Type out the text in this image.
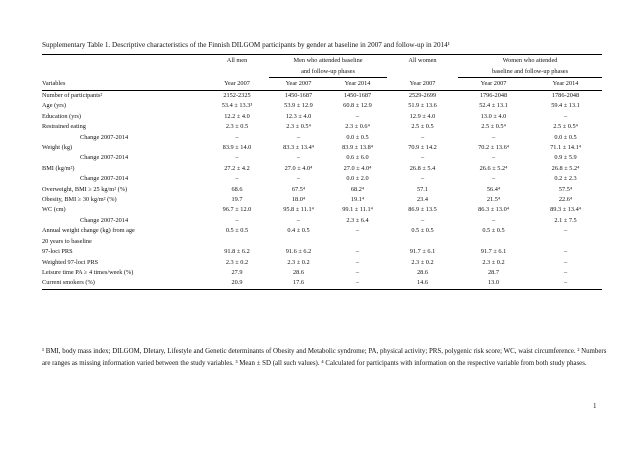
Supplementary Table 1. Descriptive characteristics of the Finnish DILGOM participants by gender at baseline in 2007 and follow-up in 2014¹
	All men	Men who attended baseline		All women	Women who attended	
		and follow-up phases			baseline and follow-up phases	
Variables	Year 2007	Year 2007	Year 2014	Year 2007	Year 2007	Year 2014
Number of participants²	2152-2325	1450-1687	1450-1687	2529-2699	1796-2048	1786-2048
Age (yrs)	53.4 ± 13.3³	53.9 ± 12.9	60.8 ± 12.9	51.9 ± 13.6	52.4 ± 13.1	59.4 ± 13.1
Education (yrs)	12.2 ± 4.0	12.3 ± 4.0	–	12.9 ± 4.0	13.0 ± 4.0	–
Restrained eating	2.3 ± 0.5	2.3 ± 0.5⁴	2.3 ± 0.6⁴	2.5 ± 0.5	2.5 ± 0.5⁴	2.5 ± 0.5⁴
Change 2007-2014	–	–	0.0 ± 0.5	–	–	0.0 ± 0.5
Weight (kg)	83.9 ± 14.0	83.3 ± 13.4⁴	83.9 ± 13.8⁴	70.9 ± 14.2	70.2 ± 13.6⁴	71.1 ± 14.1⁴
Change 2007-2014	–	–	0.6 ± 6.0	–	–	0.9 ± 5.9
BMI (kg/m²)	27.2 ± 4.2	27.0 ± 4.0⁴	27.0 ± 4.0⁴	26.8 ± 5.4	26.6 ± 5.2⁴	26.8 ± 5.2⁴
Change 2007-2014	–	–	0.0 ± 2.0	–	–	0.2 ± 2.3
Overweight, BMI ≥ 25 kg/m² (%)	68.6	67.5⁴	68.2⁴	57.1	56.4⁴	57.5⁴
Obesity, BMI ≥ 30 kg/m² (%)	19.7	18.0⁴	19.1⁴	23.4	21.5⁴	22.6⁴
WC (cm)	96.7 ± 12.0	95.8 ± 11.1⁴	99.1 ± 11.1⁴	86.9 ± 13.5	86.3 ± 13.0⁴	89.3 ± 13.4⁴
Change 2007-2014	–	–	2.3 ± 6.4	–	–	2.1 ± 7.5
Annual weight change (kg) from age	0.5 ± 0.5	0.4 ± 0.5	–	0.5 ± 0.5	0.5 ± 0.5	–
20 years to baseline						
97-loci PRS	91.8 ± 6.2	91.6 ± 6.2	–	91.7 ± 6.1	91.7 ± 6.1	–
Weighted 97-loci PRS	2.3 ± 0.2	2.3 ± 0.2	–	2.3 ± 0.2	2.3 ± 0.2	–
Leisure time PA ≥ 4 times/week (%)	27.9	28.6	–	28.6	28.7	–
Current smokers (%)	20.9	17.6	–	14.6	13.0	–
¹ BMI, body mass index; DILGOM, DIetary, Lifestyle and Genetic determinants of Obesity and Metabolic syndrome; PA, physical activity; PRS, polygenic risk score; WC, waist circumference. ² Numbers are ranges as missing information varied between the study variables. ³ Mean ± SD (all such values). ⁴ Calculated for participants with information on the respective variable from both study phases.
1
